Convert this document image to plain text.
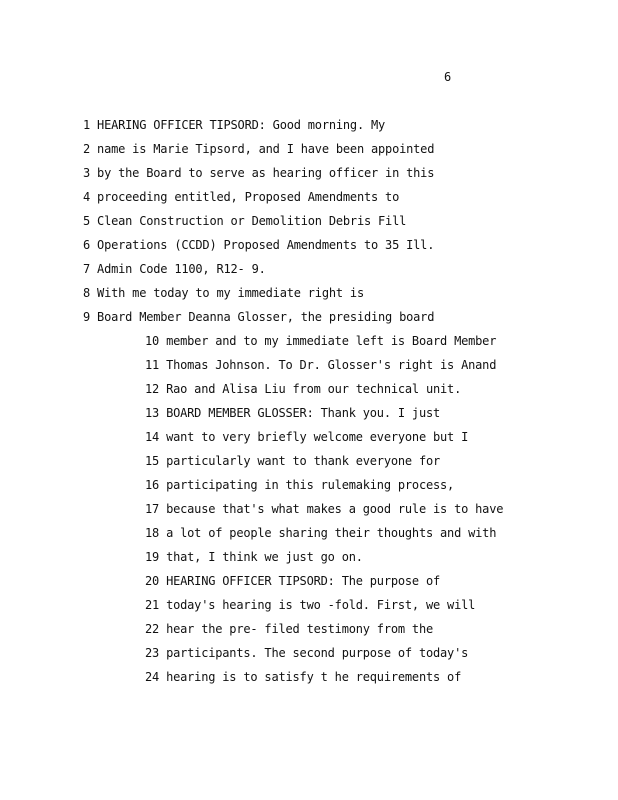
6
1 HEARING OFFICER TIPSORD: Good morning. My
2 name is Marie Tipsord, and I have been appointed
3 by the Board to serve as hearing officer in this
4 proceeding entitled, Proposed Amendments to
5 Clean Construction or Demolition Debris Fill
6 Operations (CCDD) Proposed Amendments to 35 Ill.
7 Admin Code 1100, R12- 9.
8 With me today to my immediate right is
9 Board Member Deanna Glosser, the presiding board
10 member and to my immediate left is Board Member
11 Thomas Johnson. To Dr. Glosser's right is Anand
12 Rao and Alisa Liu from our technical unit.
13 BOARD MEMBER GLOSSER: Thank you. I just
14 want to very briefly welcome everyone but I
15 particularly want to thank everyone for
16 participating in this rulemaking process,
17 because that's what makes a good rule is to have
18 a lot of people sharing their thoughts and with
19 that, I think we just go on.
20 HEARING OFFICER TIPSORD: The purpose of
21 today's hearing is two -fold. First, we will
22 hear the pre- filed testimony from the
23 participants. The second purpose of today's
24 hearing is to satisfy t he requirements of
